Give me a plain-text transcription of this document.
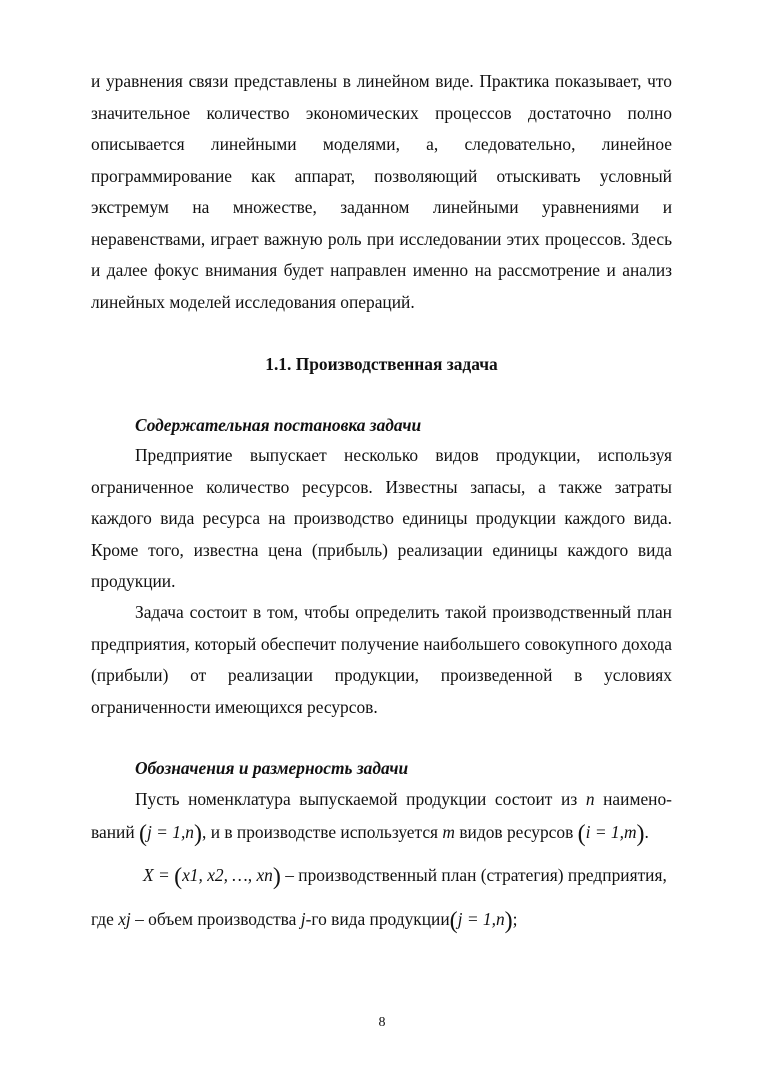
и уравнения связи представлены в линейном виде. Практика показывает, что значительное количество экономических процессов достаточно полно описывается линейными моделями, а, следовательно, линейное программирование как аппарат, позволяющий отыскивать условный экстремум на множестве, заданном линейными уравнениями и неравенствами, играет важную роль при исследовании этих процессов. Здесь и далее фокус внимания будет направлен именно на рассмотрение и анализ линейных моделей исследования операций.

1.1. Производственная задача
Содержательная постановка задачи

Предприятие выпускает несколько видов продукции, используя ограниченное количество ресурсов. Известны запасы, а также затраты каждого вида ресурса на производство единицы продукции каждого вида. Кроме того, известна цена (прибыль) реализации единицы каждого вида продукции.

Задача состоит в том, чтобы определить такой производственный план предприятия, который обеспечит получение наибольшего совокупного дохода (прибыли) от реализации продукции, произведенной в условиях ограниченности имеющихся ресурсов.

Обозначения и размерность задачи
Пусть номенклатура выпускаемой продукции состоит из n наимено-
ваний (j = 1,n), и в производстве используется m видов ресурсов (i = 1,m).
X = (x1, x2, …, xn) – производственный план (стратегия) предприятия,
где xj – объем производства j-го вида продукции(j = 1,n);
8
